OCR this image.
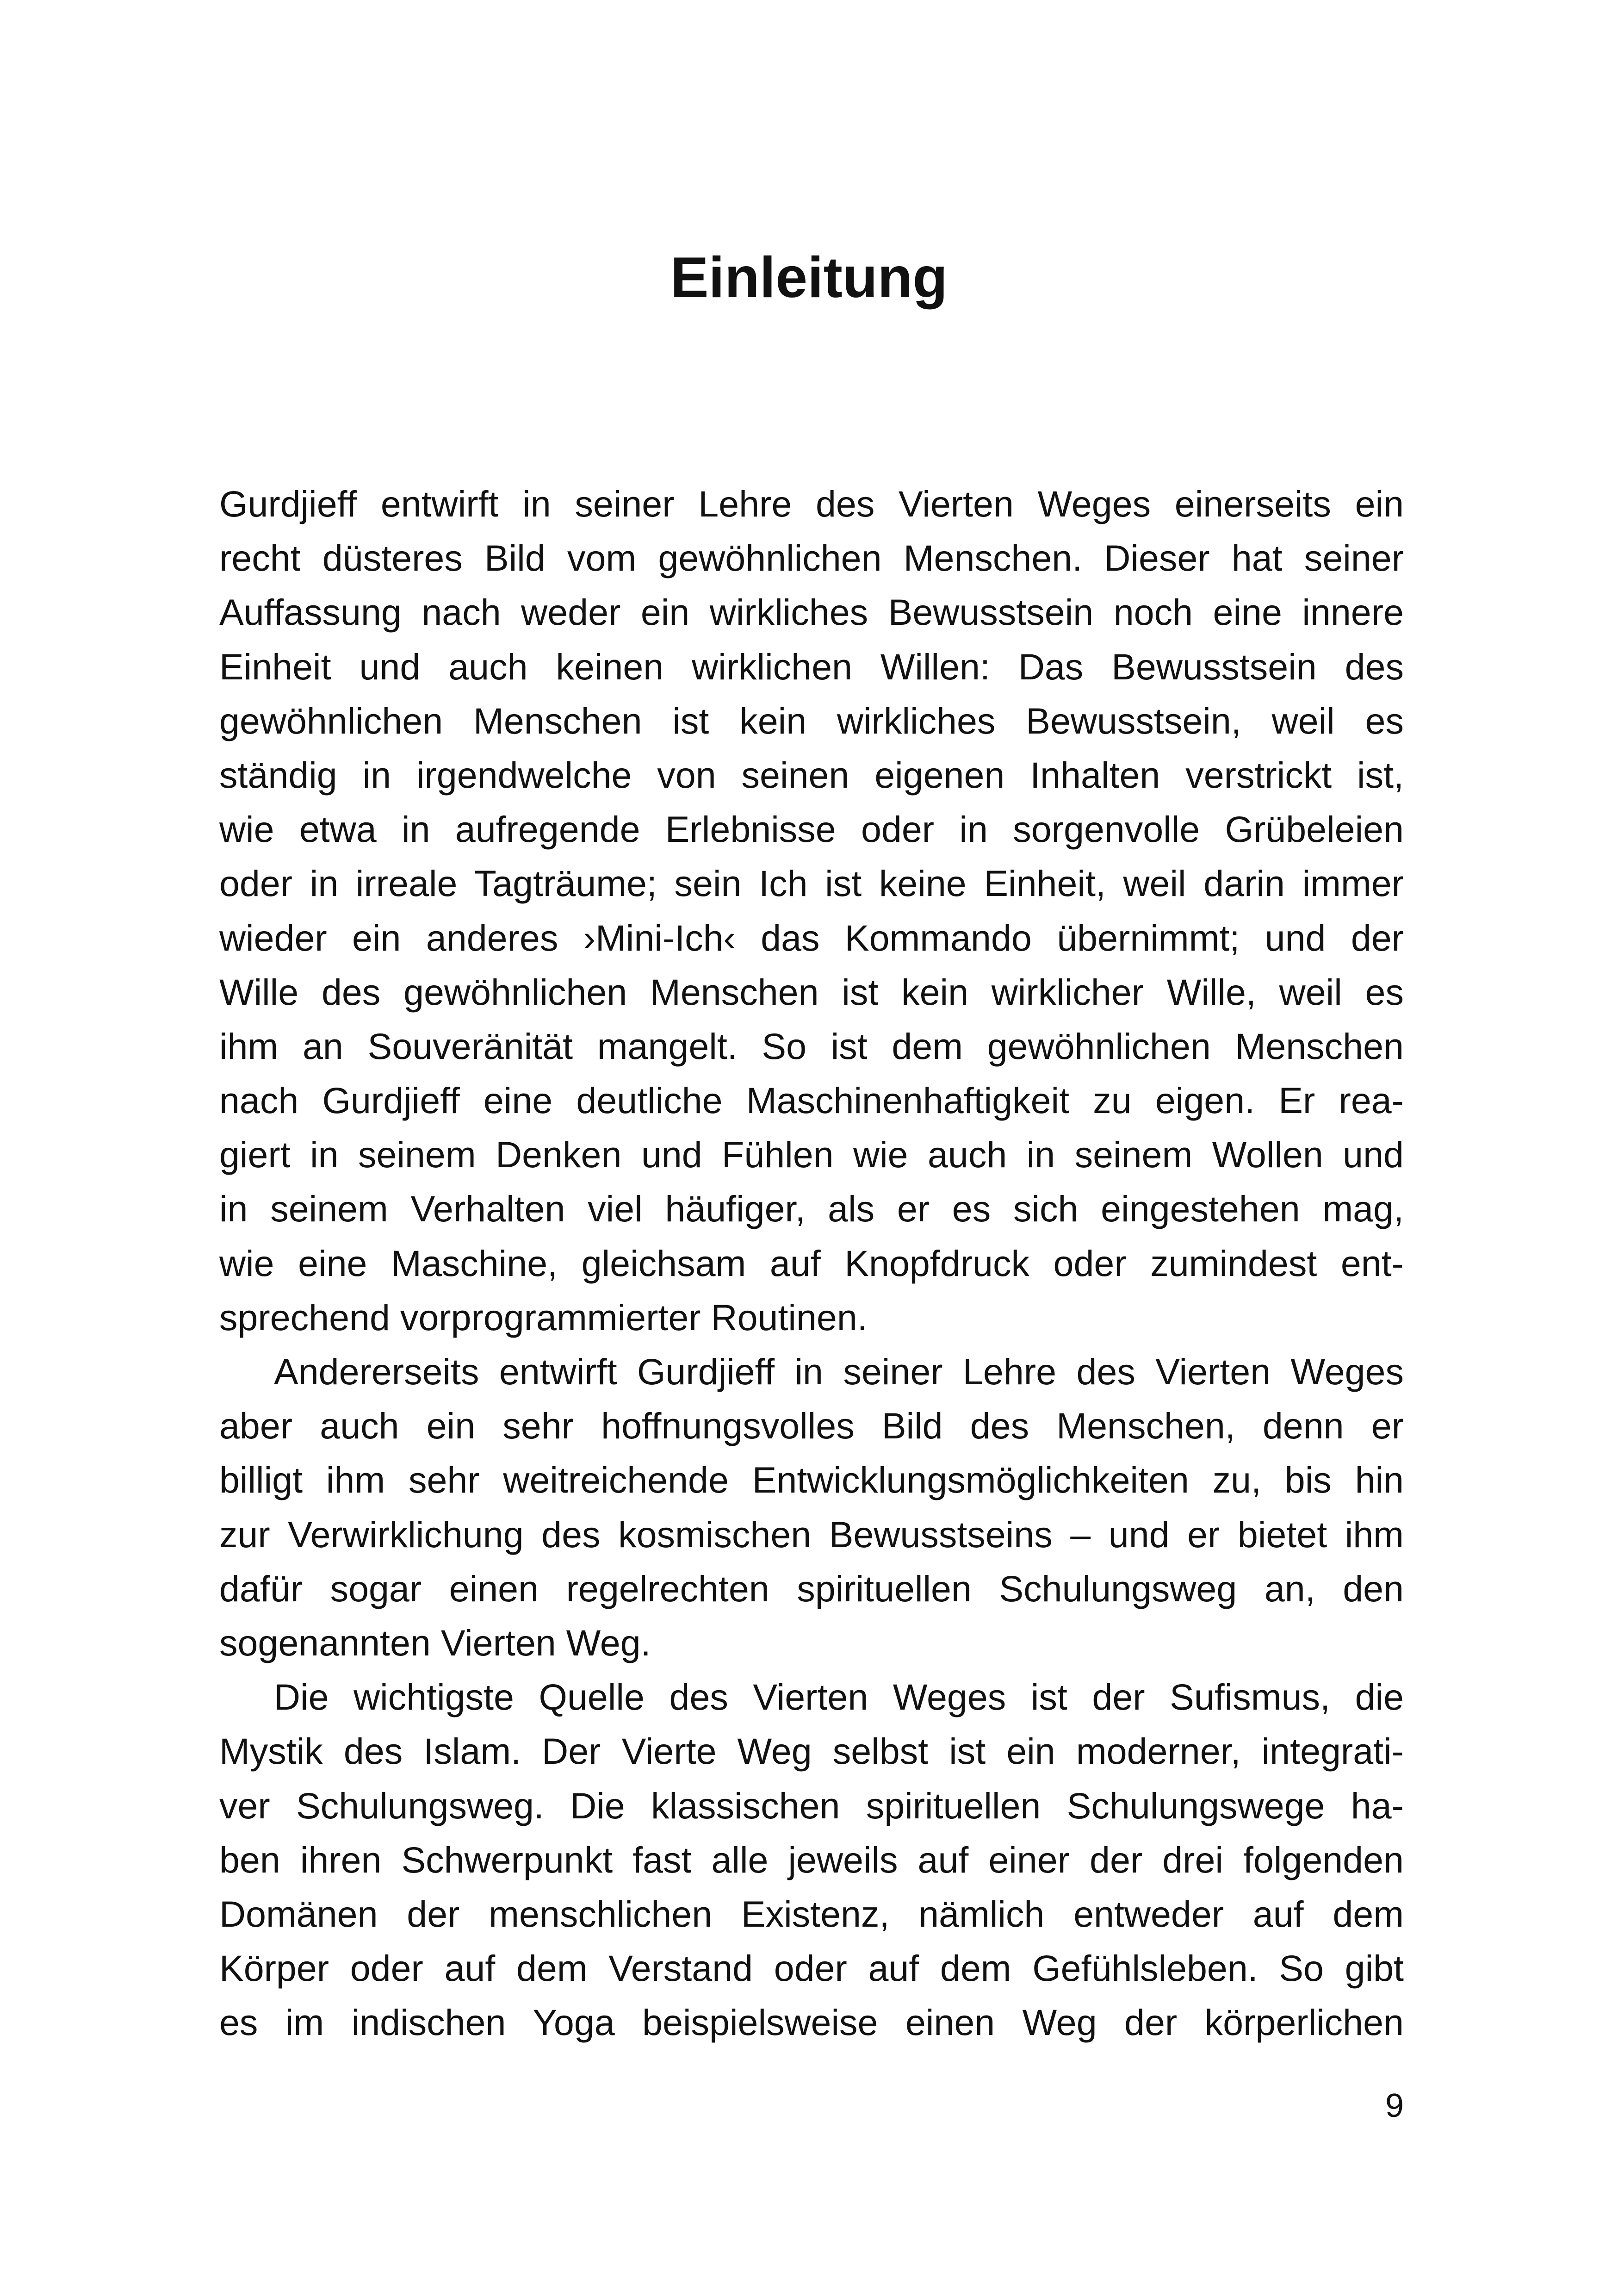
Einleitung
Gurdjieff entwirft in seiner Lehre des Vierten Weges einerseits ein
recht düsteres Bild vom gewöhnlichen Menschen. Dieser hat seiner
Auffassung nach weder ein wirkliches Bewusstsein noch eine innere
Einheit und auch keinen wirklichen Willen: Das Bewusstsein des
gewöhnlichen Menschen ist kein wirkliches Bewusstsein, weil es
ständig in irgendwelche von seinen eigenen Inhalten verstrickt ist,
wie etwa in aufregende Erlebnisse oder in sorgenvolle Grübeleien
oder in irreale Tagträume; sein Ich ist keine Einheit, weil darin immer
wieder ein anderes ›Mini-Ich‹ das Kommando übernimmt; und der
Wille des gewöhnlichen Menschen ist kein wirklicher Wille, weil es
ihm an Souveränität mangelt. So ist dem gewöhnlichen Menschen
nach Gurdjieff eine deutliche Maschinenhaftigkeit zu eigen. Er rea-
giert in seinem Denken und Fühlen wie auch in seinem Wollen und
in seinem Verhalten viel häufiger, als er es sich eingestehen mag,
wie eine Maschine, gleichsam auf Knopfdruck oder zumindest ent-
sprechend vorprogrammierter Routinen.
Andererseits entwirft Gurdjieff in seiner Lehre des Vierten Weges
aber auch ein sehr hoffnungsvolles Bild des Menschen, denn er
billigt ihm sehr weitreichende Entwicklungsmöglichkeiten zu, bis hin
zur Verwirklichung des kosmischen Bewusstseins – und er bietet ihm
dafür sogar einen regelrechten spirituellen Schulungsweg an, den
sogenannten Vierten Weg.
Die wichtigste Quelle des Vierten Weges ist der Sufismus, die
Mystik des Islam. Der Vierte Weg selbst ist ein moderner, integrati-
ver Schulungsweg. Die klassischen spirituellen Schulungswege ha-
ben ihren Schwerpunkt fast alle jeweils auf einer der drei folgenden
Domänen der menschlichen Existenz, nämlich entweder auf dem
Körper oder auf dem Verstand oder auf dem Gefühlsleben. So gibt
es im indischen Yoga beispielsweise einen Weg der körperlichen
9
